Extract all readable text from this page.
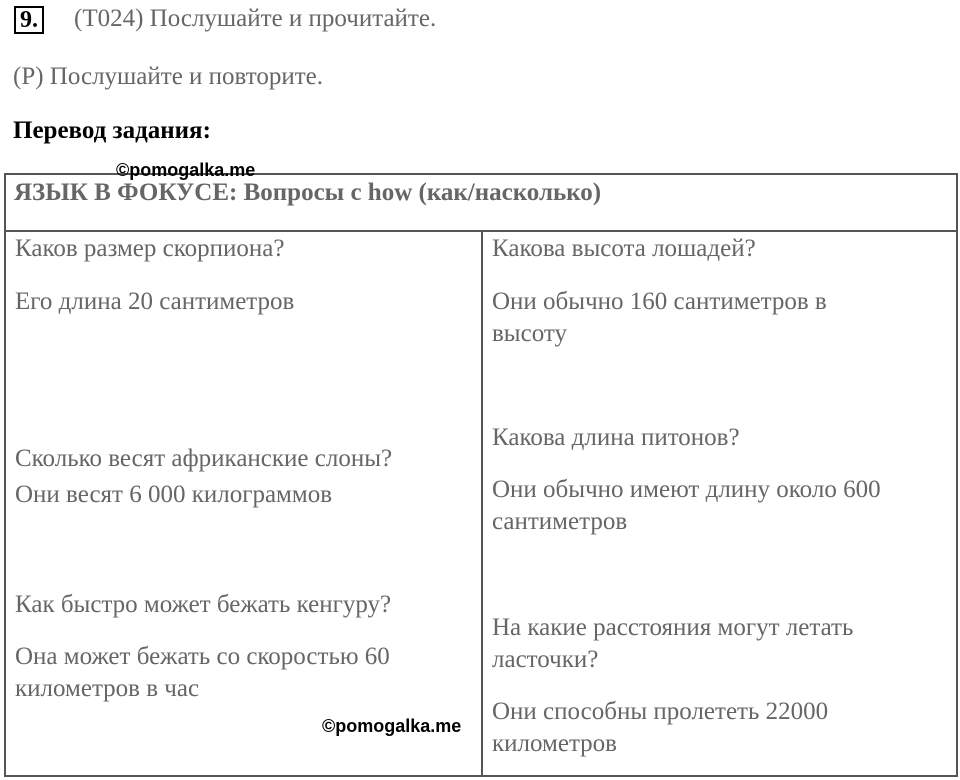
9. (T024) Послушайте и прочитайте.
(P) Послушайте и повторите.
Перевод задания:
©pomogalka.me
ЯЗЫК В ФОКУСЕ: Вопросы с how (как/насколько)
Каков размер скорпиона?
Его длина 20 сантиметров
Сколько весят африканские слоны?
Они весят 6 000 килограммов
Как быстро может бежать кенгуру?
Она может бежать со скоростью 60 километров в час
Какова высота лошадей?
Они обычно 160 сантиметров в высоту
Какова длина питонов?
Они обычно имеют длину около 600 сантиметров
На какие расстояния могут летать ласточки?
Они способны пролететь 22000 километров
©pomogalka.me
